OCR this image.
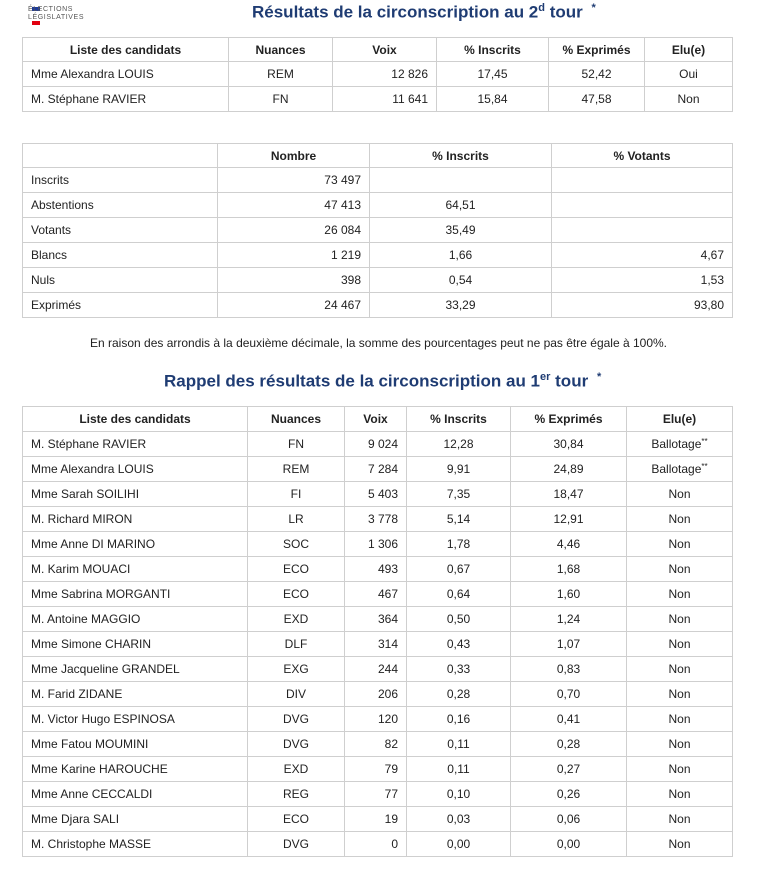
ÉLECTIONS
LÉGISLATIVES	Résultats de la circonscription au 2$^d$ tour *
Liste des candidats	Nuances	Voix	% Inscrits	% Exprimés	Elu(e)
Mme Alexandra LOUIS	REM	12 826	17,45	52,42	Oui
M. Stéphane RAVIER	FN	11 641	15,84	47,58	Non
	Nombre	% Inscrits	% Votants
Inscrits	73 497		
Abstentions	47 413	64,51	
Votants	26 084	35,49	
Blancs	1 219	1,66	4,67
Nuls	398	0,54	1,53
Exprimés	24 467	33,29	93,80
En raison des arrondis à la deuxième décimale, la somme des pourcentages peut ne pas être égale à 100%.
Rappel des résultats de la circonscription au 1er tour *
Liste des candidats	Nuances	Voix	% Inscrits	% Exprimés	Elu(e)
M. Stéphane RAVIER	FN	9 024	12,28	30,84	Ballotage**
Mme Alexandra LOUIS	REM	7 284	9,91	24,89	Ballotage**
Mme Sarah SOILIHI	FI	5 403	7,35	18,47	Non
M. Richard MIRON	LR	3 778	5,14	12,91	Non
Mme Anne DI MARINO	SOC	1 306	1,78	4,46	Non
M. Karim MOUACI	ECO	493	0,67	1,68	Non
Mme Sabrina MORGANTI	ECO	467	0,64	1,60	Non
M. Antoine MAGGIO	EXD	364	0,50	1,24	Non
Mme Simone CHARIN	DLF	314	0,43	1,07	Non
Mme Jacqueline GRANDEL	EXG	244	0,33	0,83	Non
M. Farid ZIDANE	DIV	206	0,28	0,70	Non
M. Victor Hugo ESPINOSA	DVG	120	0,16	0,41	Non
Mme Fatou MOUMINI	DVG	82	0,11	0,28	Non
Mme Karine HAROUCHE	EXD	79	0,11	0,27	Non
Mme Anne CECCALDI	REG	77	0,10	0,26	Non
Mme Djara SALI	ECO	19	0,03	0,06	Non
M. Christophe MASSE	DVG	0	0,00	0,00	Non
